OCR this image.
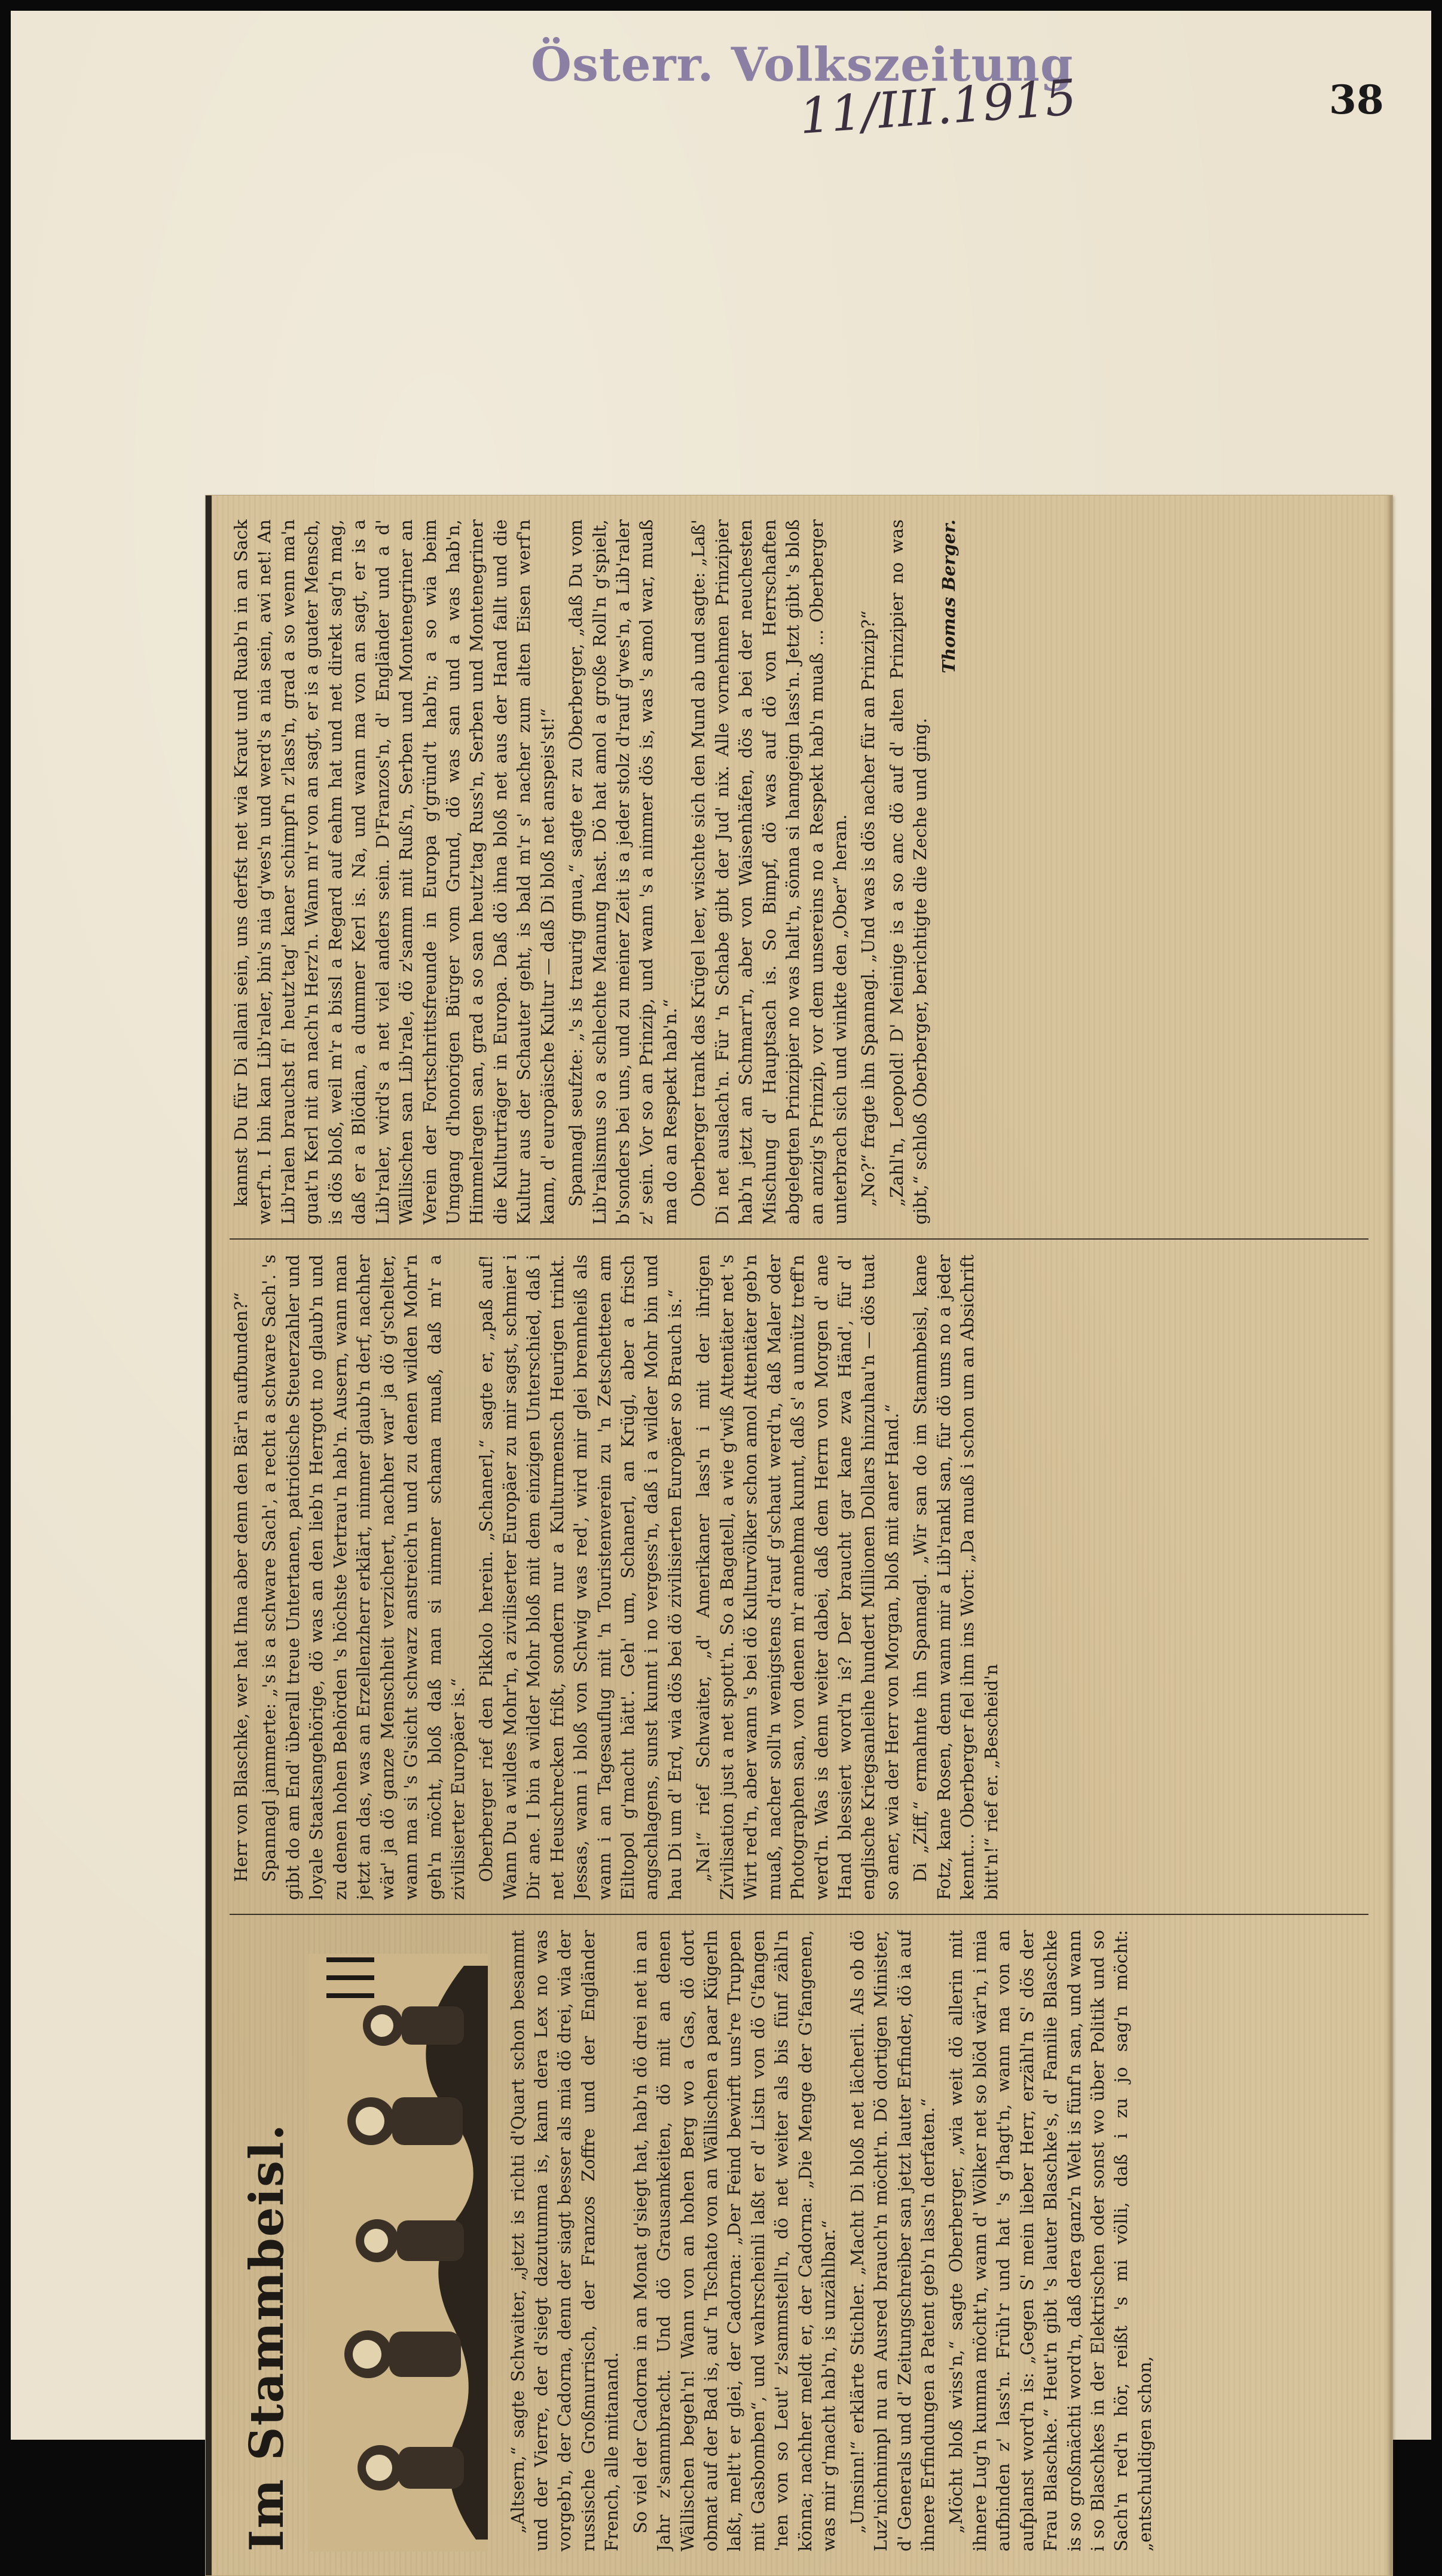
Österr. Volkszeitung
11/III.1915	38
Im Stammbeisl.	„Altsern,“ sagte Schwaiter, „jetzt is richti d'Quart schon besammt und der Vierre, der d'siegt dazutumma is, kann dera Lex no was vorgeb'n, der Cadorna, denn der siagt besser als mia dö drei, wia der russische Großmurrisch, der Franzos Zoffre und der Engländer French, alle mitanand. So viel der Cadorna in an Monat g'siegt hat, hab'n dö drei net in an Jahr z'sammbracht. Und dö Grausamkeiten, dö mit an denen Wällischen begeh'n! Wann von an hohen Berg wo a Gas, dö dort obmat auf der Bad is, auf 'n Tschato von an Wällischen a paar Kügerln laßt, melt't er glei, der Cadorna: „Der Feind bewirft uns're Truppen mit Gasbomben“, und wahrscheinli laßt er d' Listn von dö G'fangen 'nen von so Leut' z'sammstell'n, dö net weiter als bis fünf zähl'n könna; nachher meldt er, der Cadorna: „Die Menge der G'fangenen, was mir g'macht hab'n, is unzählbar.“ „Umsinn!“ erklärte Stichler. „Macht Di bloß net lächerli. Als ob dö Luz'nichnimpl nu an Ausred brauch'n möcht'n. Dö dortigen Minister, d' Generals und d' Zeitungschreiber san jetzt lauter Erfinder, dö ia auf ihnere Erfindungen a Patent geb'n lass'n derfaten.“ „Möcht bloß wiss'n,“ sagte Oberberger, „wia weit dö allerin mit ihnere Lug'n kumma möcht'n, wann d' Wölker net so blöd wär'n, i mia aufbinden z' lass'n. Früh'r und hat 's g'hagt'n, wann ma von an aufplanst word'n is: „Gegen S' mein lieber Herr, erzähl'n S' dös der Frau Blaschke.“ Heut'n gibt 's lauter Blaschke's, d' Familie Blaschke is so großmächti word'n, daß dera ganz'n Welt is fünf'n san, und wann i so Blaschkes in der Elektrischen oder sonst wo über Politik und so Sach'n red'n hör, reißt 's mi völli, daß i zu jo sag'n möcht: „entschuldigen schon,

Herr von Blaschke, wer hat Ihna aber denn den Bär'n aufbunden?“ Spannagl jammerte: „'s is a schware Sach', a recht a schware Sach'. 's gibt do am End' überall treue Untertanen, patriotische Steuerzahler und loyale Staatsangehörige, dö was an den lieb'n Herrgott no glaub'n und zu denen hohen Behörden 's höchste Vertrau'n hab'n. Ausern, wann man jetzt an das, was an Erzellenzherr erklärt, nimmer glaub'n derf, nachher wär' ja dö ganze Menschheit verzichert, nachher war' ja dö g'schelter, wann ma si 's G'sicht schwarz anstreich'n und zu denen wilden Mohr'n geh'n möcht, bloß daß man si nimmer schama muaß, daß m'r a zivilisierter Europäer is.“ Oberberger rief den Pikkolo herein. „Schanerl,“ sagte er, „paß auf! Wann Du a wildes Mohr'n, a ziviliserter Europäer zu mir sagst, schmier i Dir ane. I bin a wilder Mohr bloß mit dem einzigen Unterschied, daß i net Heuschrecken frißt, sondern nur a Kulturmensch Heurigen trinkt. Jessas, wann i bloß von Schwig was red', wird mir glei brennheiß als wann i an Tagesauflug mit 'n Touristenverein zu 'n Zetschetteen am Eiltopol g'macht hätt'. Geh' um, Schanerl, an Krügl, aber a frisch angschlagens, sunst kunnt i no vergess'n, daß i a wilder Mohr bin und hau Di um d' Erd, wia dös bei dö zivilisierten Europäer so Brauch is.“ „Na!“ rief Schwaiter, „d' Amerikaner lass'n i mit der ihrigen Zivilisation just a net spott'n. So a Bagatell, a wie g'wiß Attentäter net 's Wirt red'n, aber wann 's bei dö Kulturvölker schon amol Attentäter geb'n muaß, nacher soll'n wenigstens d'rauf g'schaut werd'n, daß Maler oder Photographen san, von denen m'r annehma kunnt, daß s' a unnütz treff'n werd'n. Was is denn weiter dabei, daß dem Herrn von Morgen d' ane Hand blessiert word'n is? Der braucht gar kane zwa Händ', für d' englische Kriegsanleihe hundert Millionen Dollars hinzuhau'n — dös tuat so aner, wia der Herr von Morgan, bloß mit aner Hand.“ Di „Ziff,“ ermahnte ihn Spannagl. „Wir san do im Stammbeisl, kane Fotz, kane Rosen, denn wann mir a Lib'rankl san, für dö ums no a jeder kennt... Oberberger fiel ihm ins Wort: „Da muaß i schon um an Absichrift bitt'n!“ rief er. „Bescheid'n

kannst Du für Di allani sein, uns derfst net wia Kraut und Ruab'n in an Sack werf'n. I bin kan Lib'raler, bin's nia g'wes'n und werd's a nia sein, awi net! An Lib'ralen brauchst fi' heutz'tag' kaner schimpf'n z'lass'n, grad a so wenn ma'n guat'n Kerl nit an nach'n Herz'n. Wann m'r von an sagt, er is a guater Mensch, is dös bloß, weil m'r a bissl a Regard auf eahm hat und net direkt sag'n mag, daß er a Blödian, a dummer Kerl is. Na, und wann ma von an sagt, er is a Lib'raler, wird's a net viel anders sein. D'Franzos'n, d' Engländer und a d' Wällischen san Lib'rale, dö z'samm mit Ruß'n, Serben und Montenegriner an Verein der Fortschrittsfreunde in Europa g'gründ't hab'n; a so wia beim Umgang d'honorigen Bürger vom Grund, dö was san und a was hab'n, Himmelragen san, grad a so san heutz'tag Russ'n, Serben und Montenegriner die Kulturträger in Europa. Daß dö ihna bloß net aus der Hand fallt und die Kultur aus der Schauter geht, is bald m'r s' nacher zum alten Eisen werf'n kann, d' europäische Kultur — daß Di bloß net anspeis'st!“ Spannagl seufzte: „'s is traurig gnua,“ sagte er zu Oberberger, „daß Du vom Lib'ralismus so a schlechte Manung hast. Dö hat amol a große Roll'n g'spielt, b'sonders bei uns, und zu meiner Zeit is a jeder stolz d'rauf g'wes'n, a Lib'raler z' sein. Vor so an Prinzip, und wann 's a nimmer dös is, was 's amol war, muaß ma do an Respekt hab'n.“ Oberberger trank das Krügel leer, wischte sich den Mund ab und sagte: „Laß' Di net auslach'n. Für 'n Schabe gibt der Jud' nix. Alle vornehmen Prinzipier hab'n jetzt an Schmarr'n, aber von Waisenhäfen, dös a bei der neuchesten Mischung d' Hauptsach is. So Bimpf, dö was auf dö von Herrschaften abgelegten Prinzipier no was halt'n, sönna si hamgeign lass'n. Jetzt gibt 's bloß an anzig's Prinzip, vor dem unsereins no a Respekt hab'n muaß ... Oberberger unterbrach sich und winkte den „Ober“ heran. „No?“ fragte ihn Spannagl. „Und was is dös nacher für an Prinzip?“ „Zahl'n, Leopold! D' Meinige is a so anc dö auf d' alten Prinzipier no was gibt,“ schloß Oberberger, berichtigte die Zeche und ging.

Thomas Berger.
